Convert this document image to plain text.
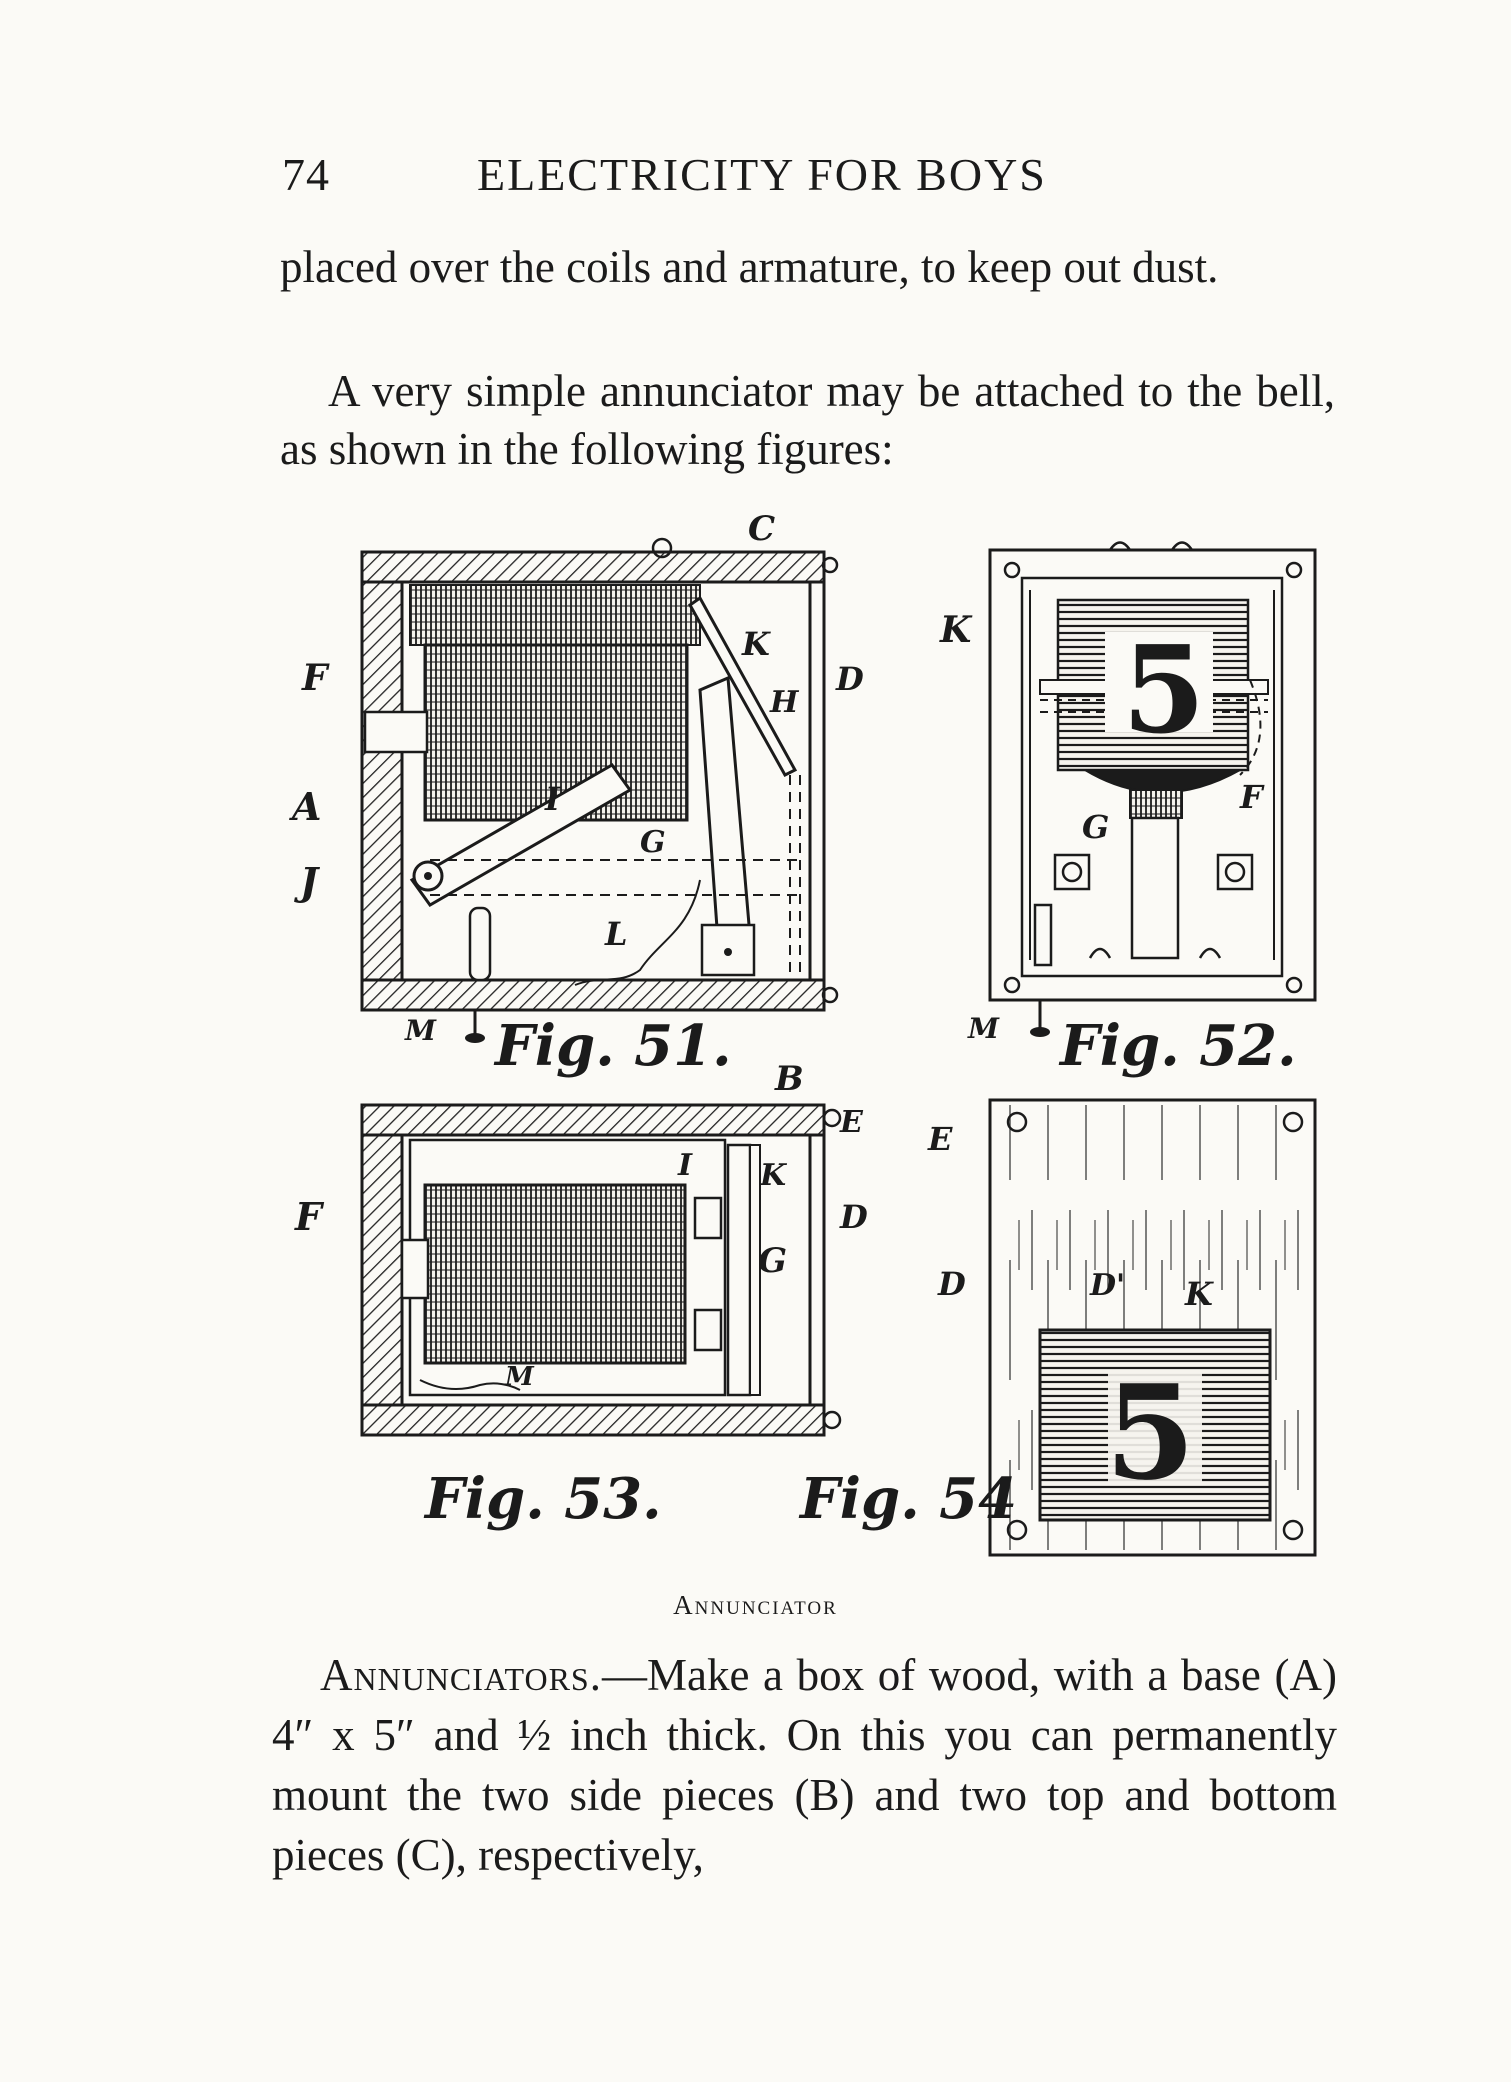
74	ELECTRICITY FOR BOYS

placed over the coils and armature, to keep out dust.

A very simple annunciator may be attached to the bell, as shown in the following figures:

C
F
K
D
H
A	I
G
J
L
M Fig. 51.
5
K
F
G
M Fig. 52.
B
E
I K
D
F
G
M
Fig. 53.	5
E
D	D' K
Fig. 54
Annunciator

Annunciators.—Make a box of wood, with a base (A) 4″ x 5″ and ½ inch thick. On this you can permanently mount the two side pieces (B) and two top and bottom pieces (C), respectively,
